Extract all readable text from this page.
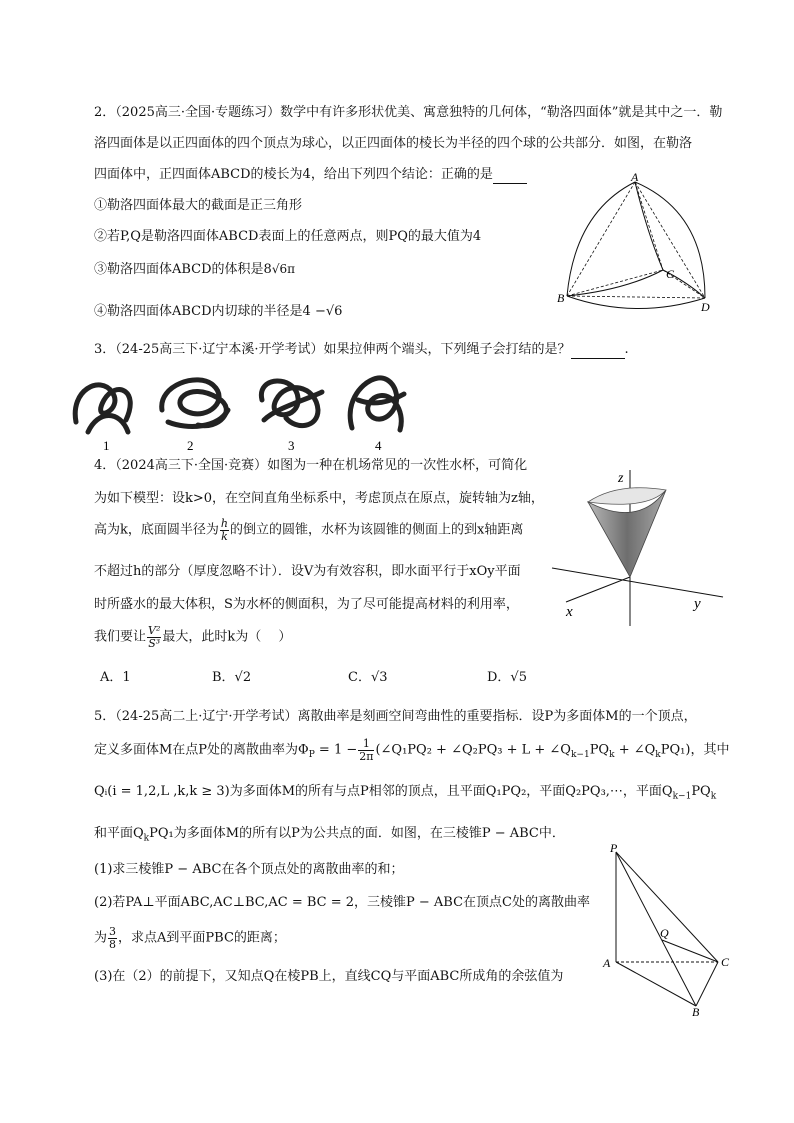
2．（2025高三·全国·专题练习）数学中有许多形状优美、寓意独特的几何体，“勒洛四面体”就是其中之一．勒
洛四面体是以正四面体的四个顶点为球心，以正四面体的棱长为半径的四个球的公共部分．如图，在勒洛
四面体中，正四面体ABCD的棱长为4，给出下列四个结论：正确的是
①勒洛四面体最大的截面是正三角形
②若P,Q是勒洛四面体ABCD表面上的任意两点，则PQ的最大值为4
③勒洛四面体ABCD的体积是8√6π
④勒洛四面体ABCD内切球的半径是4 −√6
A
B
C
D
3．（24-25高三下·辽宁本溪·开学考试）如果拉伸两个端头，下列绳子会打结的是？	.
1	2	3	4
4．（2024高三下·全国·竞赛）如图为一种在机场常见的一次性水杯，可简化
为如下模型：设k>0，在空间直角坐标系中，考虑顶点在原点，旋转轴为z轴，
高为k，底面圆半径为 $\frac{h}{k}$ 的倒立的圆锥，水杯为该圆锥的侧面上的到x轴距离
不超过h的部分（厚度忽略不计）．设V为有效容积，即水面平行于xOy平面
时所盛水的最大体积，S为水杯的侧面积，为了尽可能提高材料的利用率，
我们要让 $\frac{\text{V²}}{\text{S³}}$ 最大，此时k为（　 ）
A．1	B．√2	C．√3	D．√5
z
x	y
5．（24-25高二上·辽宁·开学考试）离散曲率是刻画空间弯曲性的重要指标．设P为多面体M的一个顶点，
定义多面体M在点P处的离散曲率为$\Phi_P = 1 - \frac{1}{2\pi}$ (∠Q₁PQ₂ + ∠Q₂PQ₃ + $L + \angle Q_{k-1}PQ_k$ + $\angle Q_kPQ_1$)，其中
Qᵢ(i = 1,2,L ,k,k ≥ 3)为多面体M的所有与点P相邻的顶点，且平面Q₁PQ₂，平面Q₂PQ₃,⋯，平面$Q_{k-1}PQ_k$
和平面$Q_kPQ_1$为多面体M的所有以P为公共点的面．如图，在三棱锥P − ABC中．
(1)求三棱锥P − ABC在各个顶点处的离散曲率的和；
(2)若PA⊥平面ABC,AC⊥BC,AC = BC = 2，三棱锥P − ABC在顶点C处的离散曲率
为 $\frac{3}{8}$ ，求点A到平面PBC的距离；
(3)在（2）的前提下，又知点Q在棱PB上，直线CQ与平面ABC所成角的余弦值为
P
Q
A	C
B
